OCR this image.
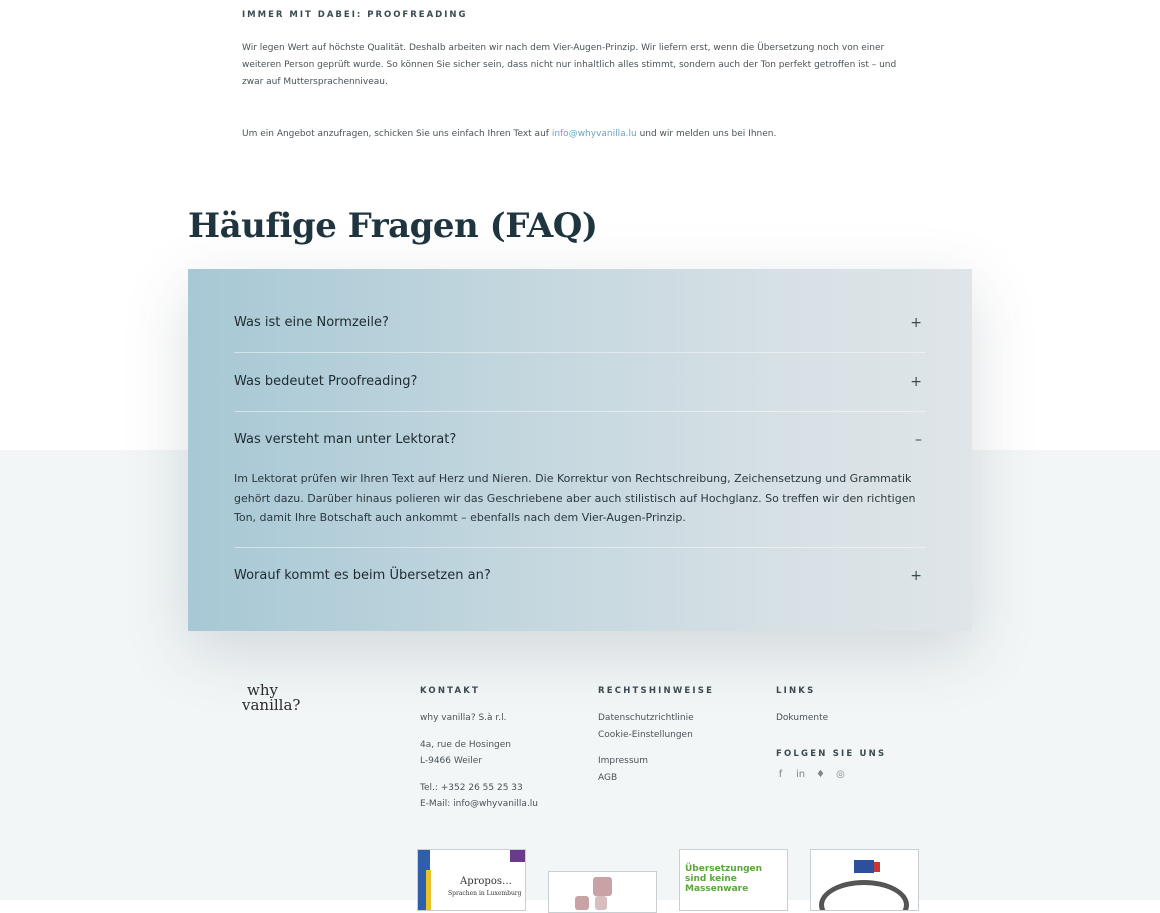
IMMER MIT DABEI: PROOFREADING
Wir legen Wert auf höchste Qualität. Deshalb arbeiten wir nach dem Vier-Augen-Prinzip. Wir liefern erst, wenn die Übersetzung noch von einer weiteren Person geprüft wurde. So können Sie sicher sein, dass nicht nur inhaltlich alles stimmt, sondern auch der Ton perfekt getroffen ist – und zwar auf Muttersprachenniveau.
Um ein Angebot anzufragen, schicken Sie uns einfach Ihren Text auf info@whyvanilla.lu und wir melden uns bei Ihnen.
Häufige Fragen (FAQ)
Was ist eine Normzeile?	+
Was bedeutet Proofreading?	+
Was versteht man unter Lektorat?	–
Im Lektorat prüfen wir Ihren Text auf Herz und Nieren. Die Korrektur von Rechtschreibung, Zeichensetzung und Grammatik gehört dazu. Darüber hinaus polieren wir das Geschriebene aber auch stilistisch auf Hochglanz. So treffen wir den richtigen Ton, damit Ihre Botschaft auch ankommt – ebenfalls nach dem Vier-Augen-Prinzip.
Worauf kommt es beim Übersetzen an?	+
why
vanilla?
KONTAKT
why vanilla? S.à r.l.
4a, rue de Hosingen
L-9466 Weiler
Tel.: +352 26 55 25 33
E-Mail: info@whyvanilla.lu
RECHTSHINWEISE
Datenschutzrichtlinie
Cookie-Einstellungen
Impressum
AGB
LINKS
Dokumente
FOLGEN SIE UNS
f in ♦ ◎
Apropos…
Sprachen in Luxemburg
Übersetzungen sind keine Massenware
